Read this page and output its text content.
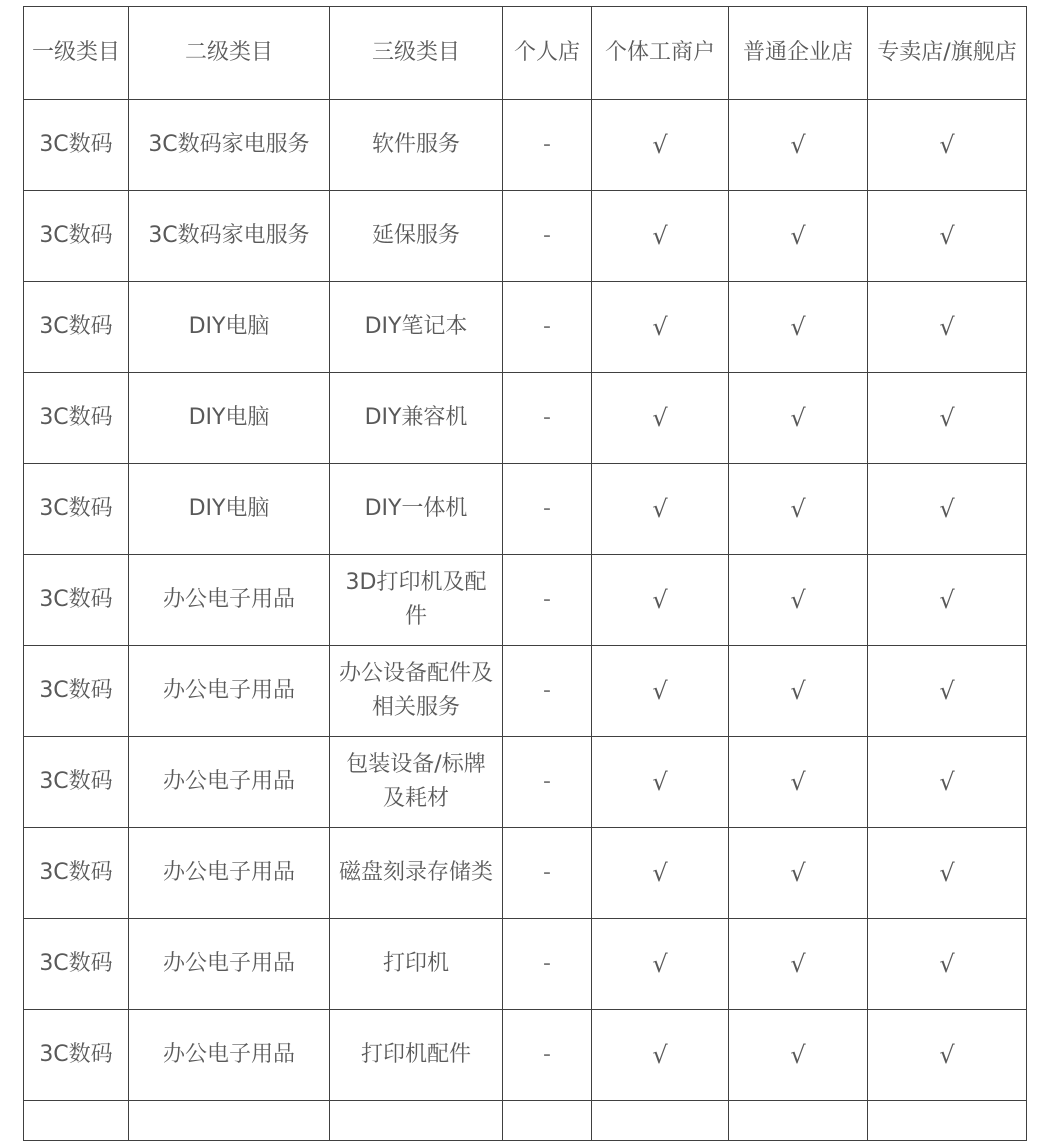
一级类目	二级类目	三级类目	个人店	个体工商户	普通企业店	专卖店/旗舰店
3C数码	3C数码家电服务	软件服务	-	√	√	√
3C数码	3C数码家电服务	延保服务	-	√	√	√
3C数码	DIY电脑	DIY笔记本	-	√	√	√
3C数码	DIY电脑	DIY兼容机	-	√	√	√
3C数码	DIY电脑	DIY一体机	-	√	√	√
3C数码	办公电子用品	3D打印机及配件	-	√	√	√
3C数码	办公电子用品	办公设备配件及相关服务	-	√	√	√
3C数码	办公电子用品	包装设备/标牌及耗材	-	√	√	√
3C数码	办公电子用品	磁盘刻录存储类	-	√	√	√
3C数码	办公电子用品	打印机	-	√	√	√
3C数码	办公电子用品	打印机配件	-	√	√	√
